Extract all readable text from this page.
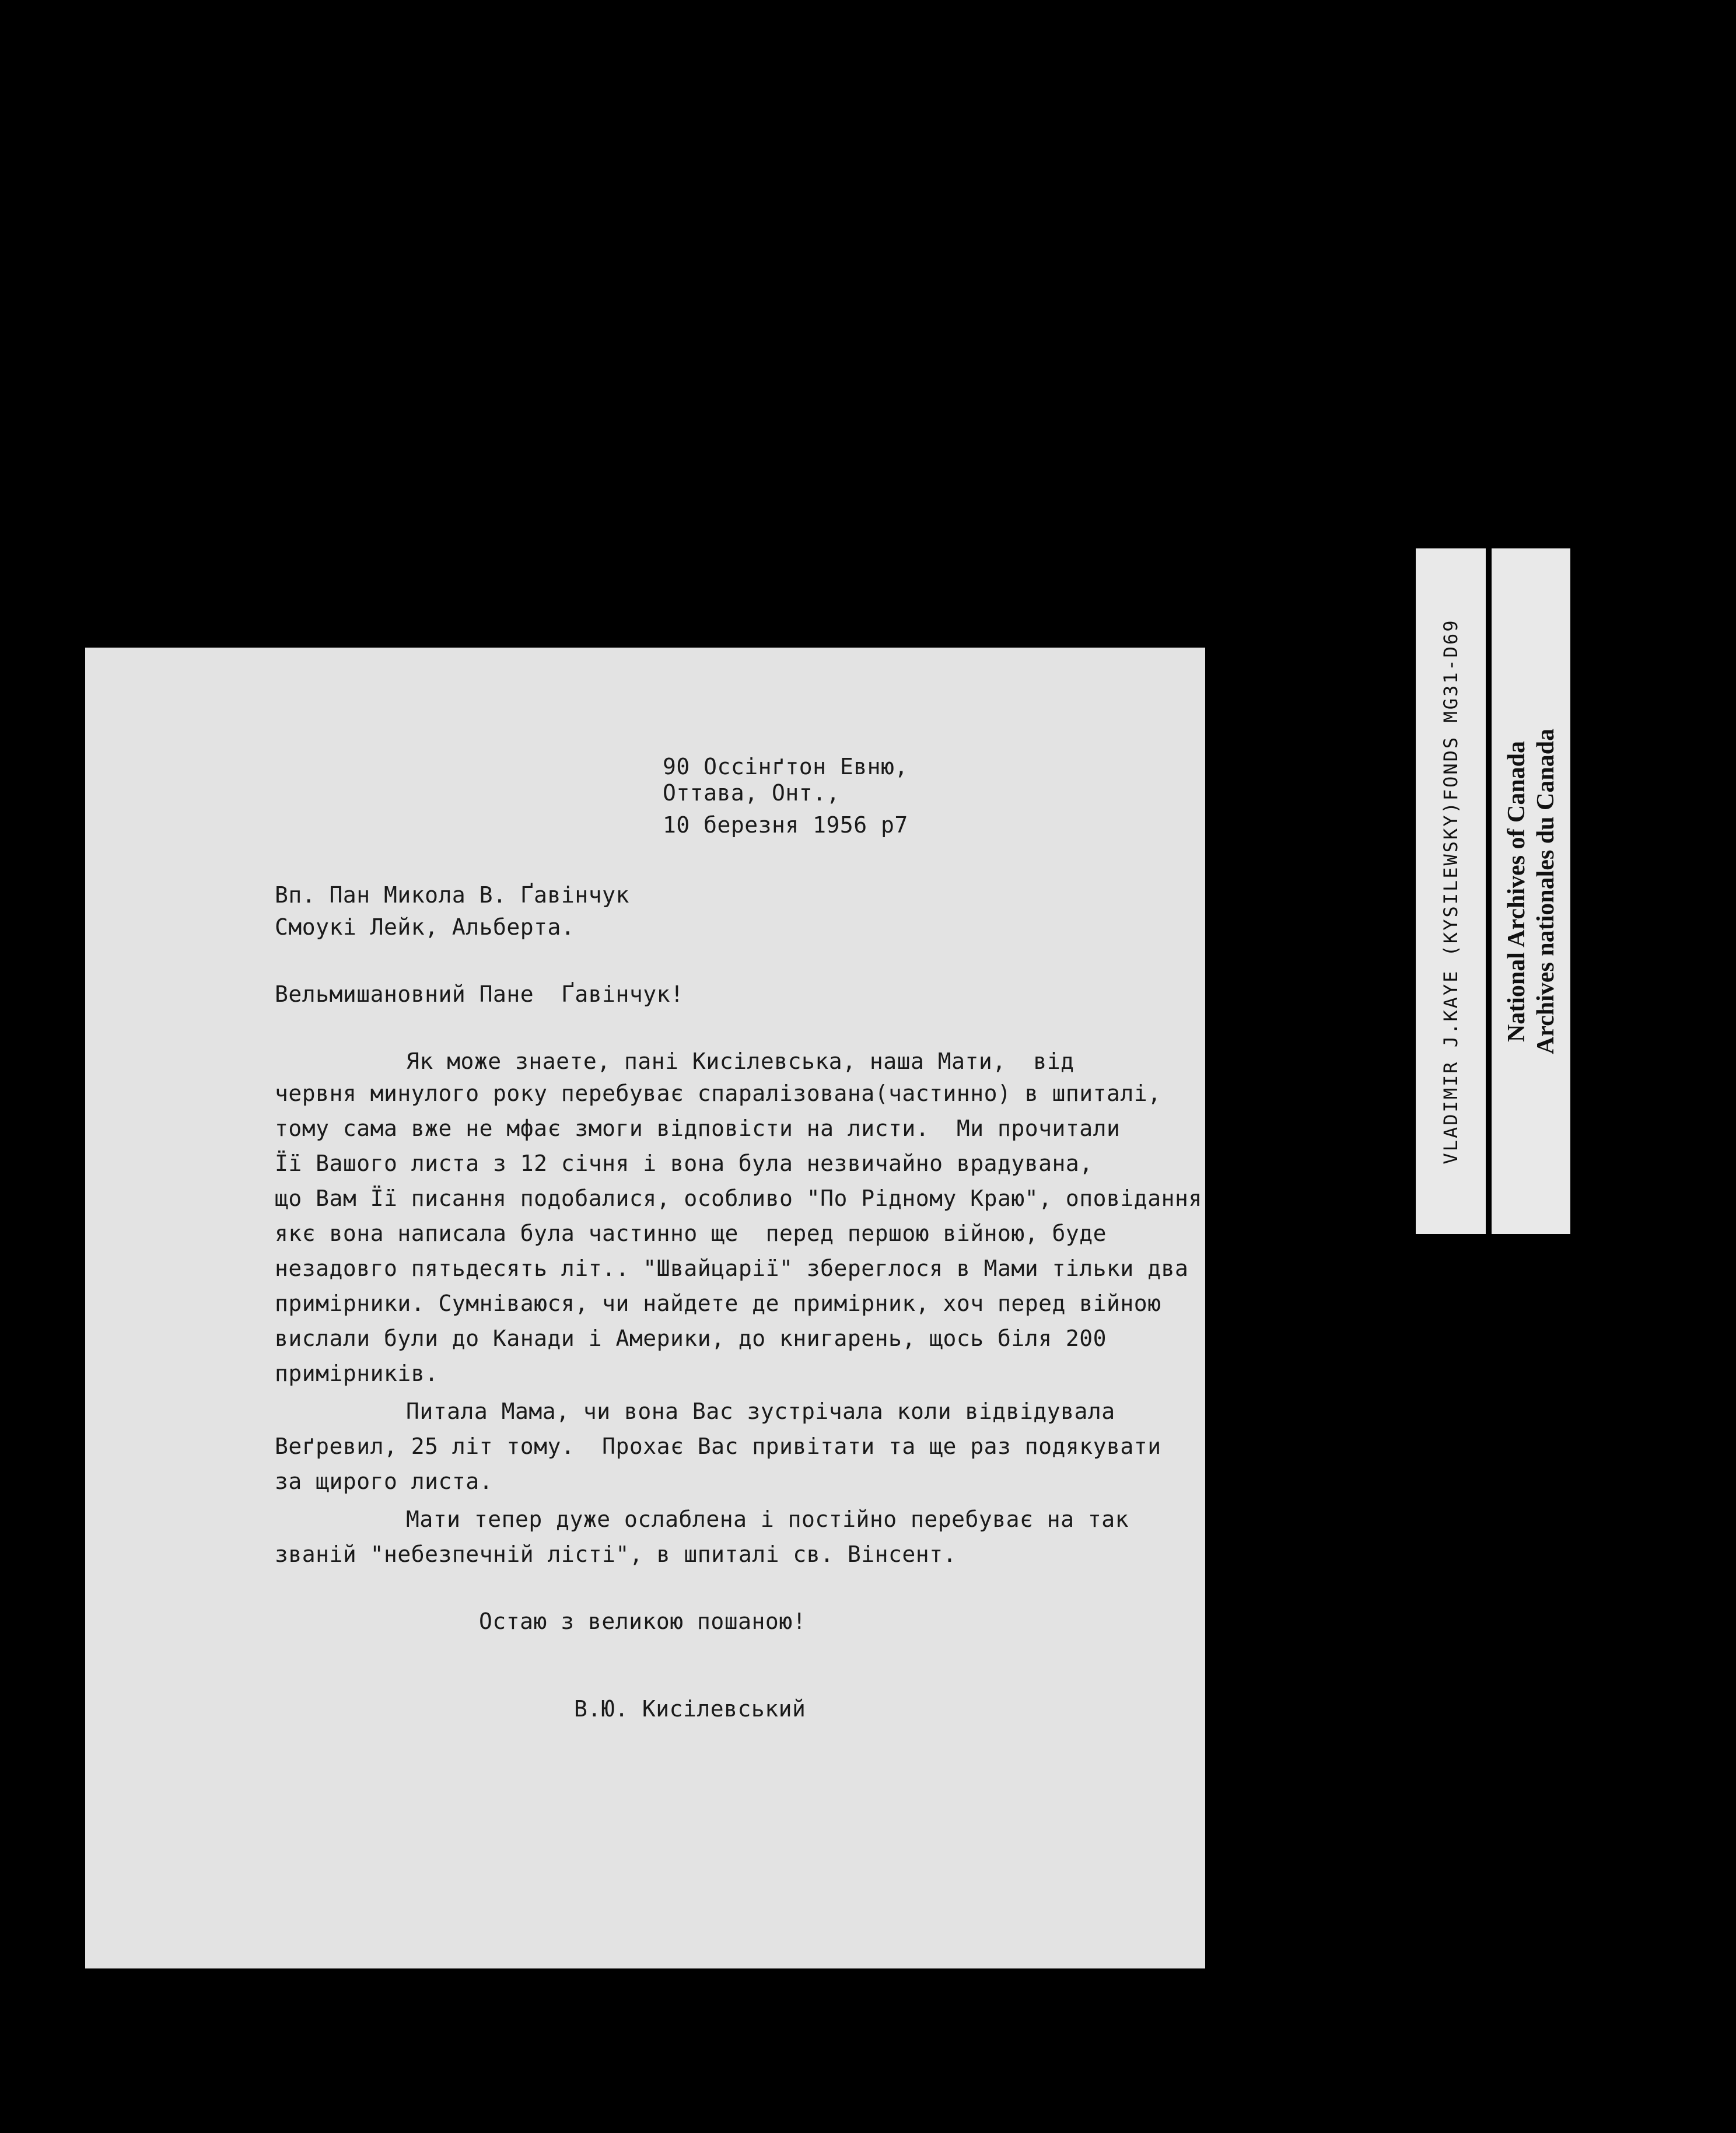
90 Оссінґтон Евню,
Оттава, Онт.,
10 березня 1956 р7
Вп. Пан Микола В. Ґавінчук
Смоукі Лейк, Альберта.
Вельмишановний Пане  Ґавінчук!
Як може знаете, пані Кисілевська, наша Мати,  від
червня минулого року перебуває спаралізована(частинно) в шпиталі,
тому сама вже не мфає змоги відповісти на листи.  Ми прочитали
Її Вашого листа з 12 січня і вона була незвичайно врадувана,
що Вам Її писання подобалися, особливо "По Рідному Краю", оповідання
якє вона написала була частинно ще  перед першою війною, буде
незадовго пятьдесять літ.. "Швайцарії" збереглося в Мами тільки два
примірники. Сумніваюся, чи найдете де примірник, хоч перед війною
вислали були до Канади і Америки, до книгарень, щось біля 200
примірників.
Питала Мама, чи вона Вас зустрічала коли відвідувала
Веґревил, 25 літ тому.  Прохає Вас привітати та ще раз подякувати
за щирого листа.
Мати тепер дуже ослаблена і постійно перебуває на так
званій "небезпечній лісті", в шпиталі св. Вінсент.
Остаю з великою пошаною!
В.Ю. Кисілевський
VLADIMIR J.KAYE (KYSILEWSKY)FONDS MG31-D69 National Archives of Canada Archives nationales du Canada
